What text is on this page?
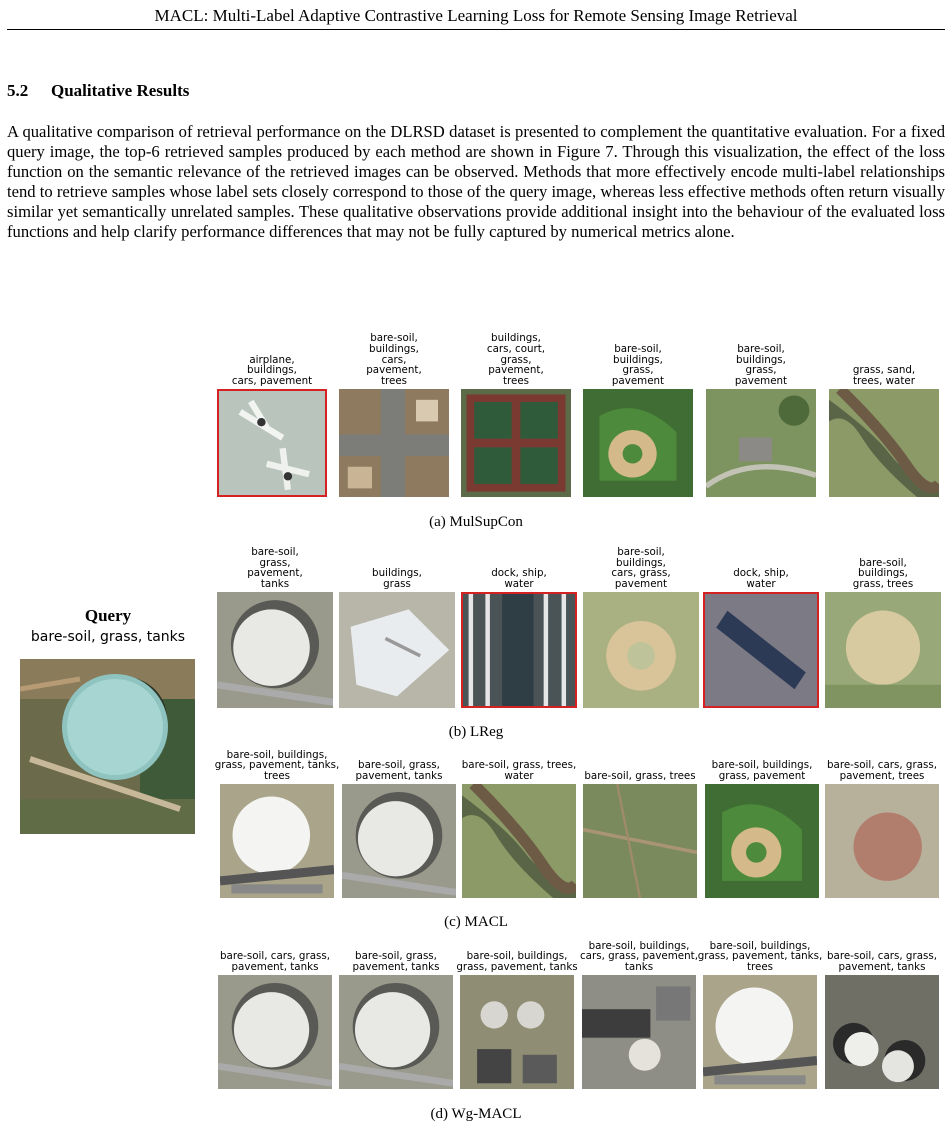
MACL: Multi-Label Adaptive Contrastive Learning Loss for Remote Sensing Image Retrieval
5.2 Qualitative Results
A qualitative comparison of retrieval performance on the DLRSD dataset is presented to complement the quantitative evaluation. For a fixed query image, the top-6 retrieved samples produced by each method are shown in Figure 7. Through this visualization, the effect of the loss function on the semantic relevance of the retrieved images can be observed. Methods that more effectively encode multi-label relationships tend to retrieve samples whose label sets closely correspond to those of the query image, whereas less effective methods often return visually similar yet semantically unrelated samples. These qualitative observations provide additional insight into the behaviour of the evaluated loss functions and help clarify performance differences that may not be fully captured by numerical metrics alone.
Query
bare-soil, grass, tanks
airplane,
buildings,
cars, pavement
bare-soil,
buildings,
cars,
pavement,
trees
buildings,
cars, court,
grass,
pavement,
trees
bare-soil,
buildings,
grass,
pavement
bare-soil,
buildings,
grass,
pavement
grass, sand,
trees, water
(a) MulSupCon
bare-soil,
grass,
pavement,
tanks
buildings,
grass
dock, ship,
water
bare-soil,
buildings,
cars, grass,
pavement
dock, ship,
water
bare-soil,
buildings,
grass, trees
(b) LReg
bare-soil, buildings,
grass, pavement, tanks,
trees
bare-soil, grass,
pavement, tanks
bare-soil, grass, trees,
water	bare-soil, grass, trees
bare-soil, buildings,
grass, pavement
bare-soil, cars, grass,
pavement, trees
(c) MACL
bare-soil, cars, grass,
pavement, tanks
bare-soil, grass,
pavement, tanks
bare-soil, buildings,
grass, pavement, tanks
bare-soil, buildings,
cars, grass, pavement,
tanks
bare-soil, buildings,
grass, pavement, tanks,
trees
bare-soil, cars, grass,
pavement, tanks
(d) Wg-MACL
